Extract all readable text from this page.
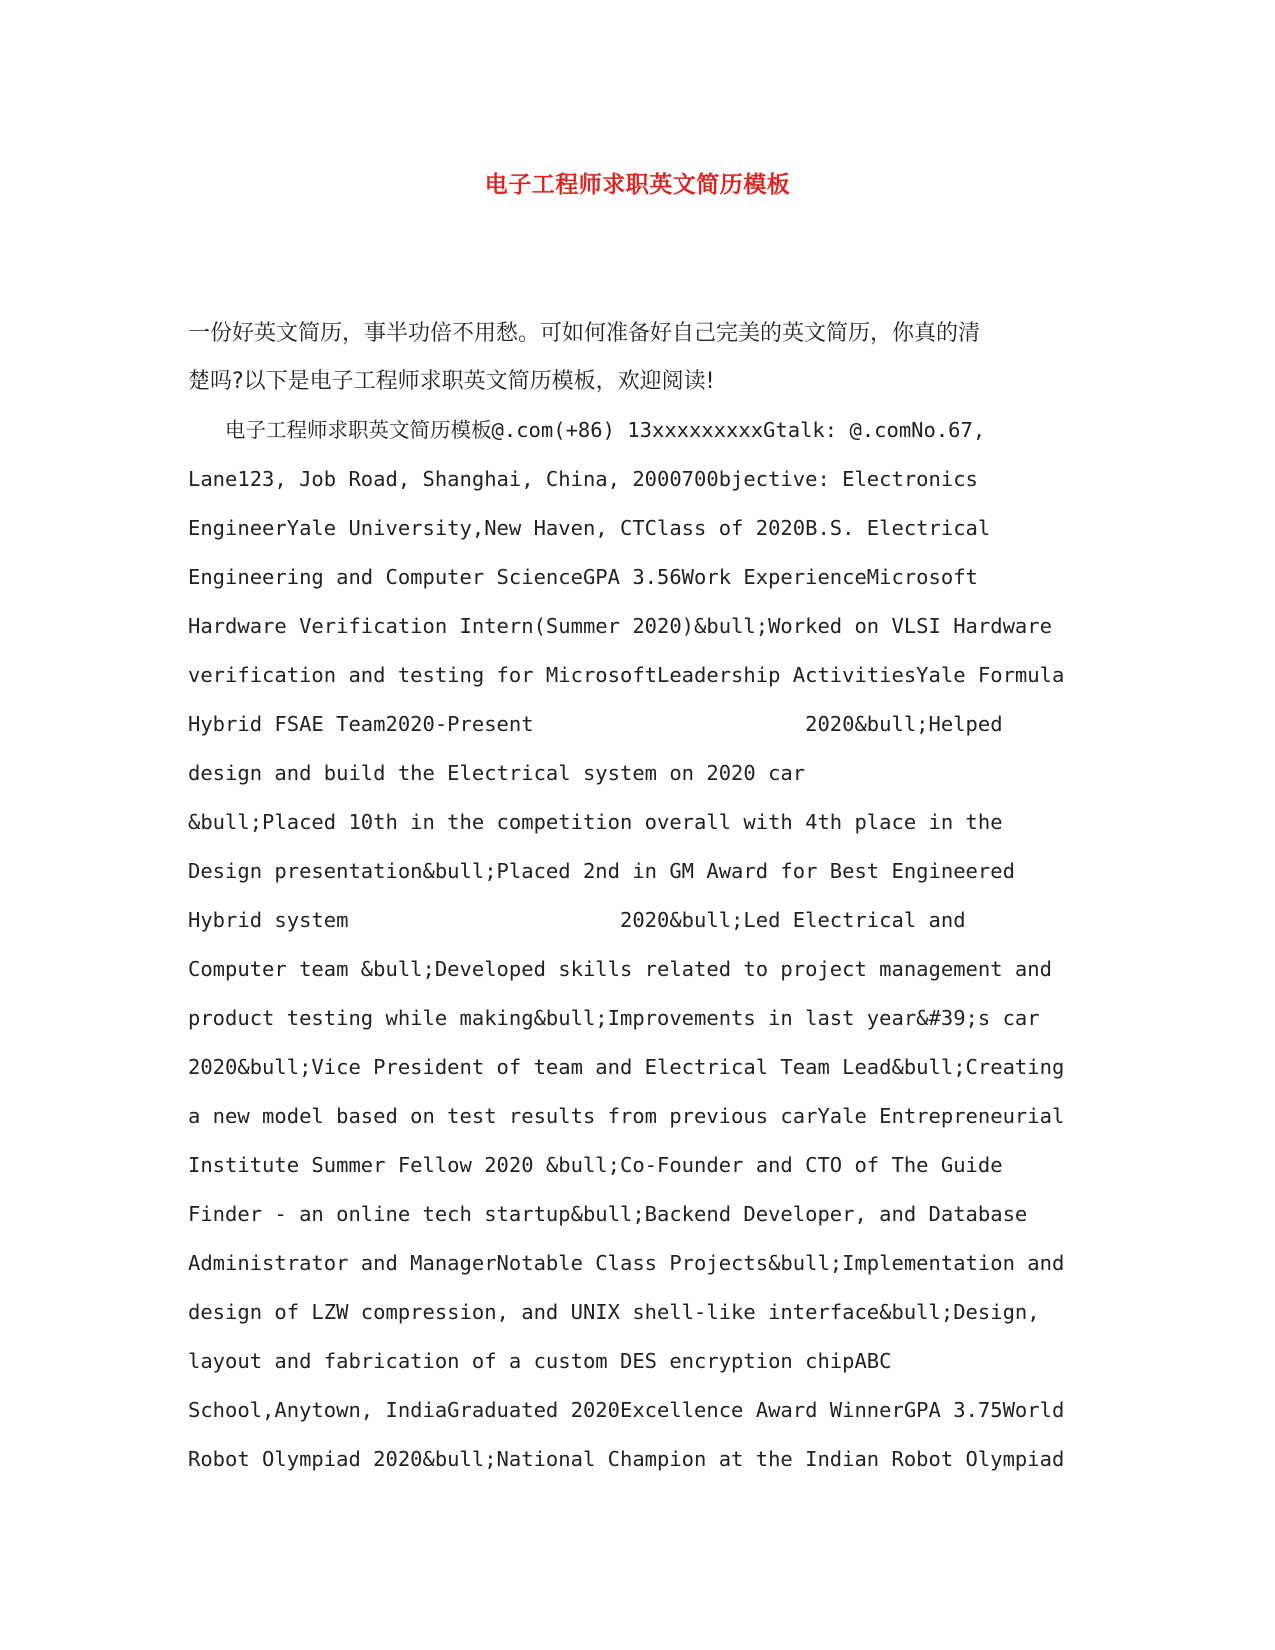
电子工程师求职英文简历模板

一份好英文简历，事半功倍不用愁。可如何准备好自己完美的英文简历，你真的清

楚吗?以下是电子工程师求职英文简历模板，欢迎阅读!

电子工程师求职英文简历模板@.com(+86) 13xxxxxxxxxGtalk: @.comNo.67,

Lane123, Job Road, Shanghai, China, 2000700bjective: Electronics

EngineerYale University,New Haven, CTClass of 2020B.S. Electrical

Engineering and Computer ScienceGPA 3.56Work ExperienceMicrosoft

Hardware Verification Intern(Summer 2020)&bull;Worked on VLSI Hardware

verification and testing for MicrosoftLeadership ActivitiesYale Formula

Hybrid FSAE Team2020-Present                      2020&bull;Helped

design and build the Electrical system on 2020 car

&bull;Placed 10th in the competition overall with 4th place in the

Design presentation&bull;Placed 2nd in GM Award for Best Engineered

Hybrid system                      2020&bull;Led Electrical and

Computer team &bull;Developed skills related to project management and

product testing while making&bull;Improvements in last year&#39;s car

2020&bull;Vice President of team and Electrical Team Lead&bull;Creating

a new model based on test results from previous carYale Entrepreneurial

Institute Summer Fellow 2020 &bull;Co-Founder and CTO of The Guide

Finder - an online tech startup&bull;Backend Developer, and Database

Administrator and ManagerNotable Class Projects&bull;Implementation and

design of LZW compression, and UNIX shell-like interface&bull;Design,

layout and fabrication of a custom DES encryption chipABC

School,Anytown, IndiaGraduated 2020Excellence Award WinnerGPA 3.75World

Robot Olympiad 2020&bull;National Champion at the Indian Robot Olympiad
